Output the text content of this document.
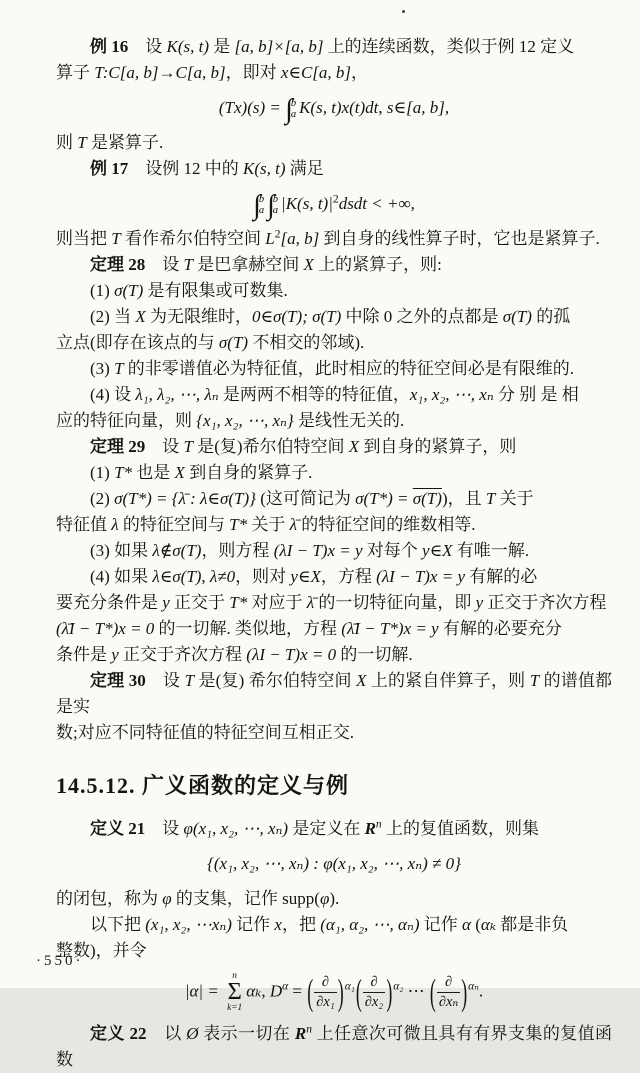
例 16　设 K(s, t) 是 [a, b]×[a, b] 上的连续函数，类似于例 12 定义
算子 T:C[a, b]→C[a, b]，即对 x∈C[a, b]，
(Tx)(s) = ∫ b
a K(s, t)x(t)dt, s∈[a, b],
则 T 是紧算子.
例 17　设例 12 中的 K(s, t) 满足
∫ b
a ∫ b
a |K(s, $t)|^2dsdt$ < +∞,
则当把 T 看作希尔伯特空间 $L^2[a$, b] 到自身的线性算子时，它也是紧算子.
定理 28　设 T 是巴拿赫空间 X 上的紧算子，则:
(1) σ(T) 是有限集或可数集.
(2) 当 X 为无限维时，0∈σ(T); σ(T) 中除 0 之外的点都是 σ(T) 的孤
立点(即存在该点的与 σ(T) 不相交的邻域).
(3) T 的非零谱值必为特征值，此时相应的特征空间必是有限维的.
(4) 设 λ₁, λ₂, ⋯, λₙ 是两两不相等的特征值，x₁, x₂, ⋯, xₙ 分 别 是 相
应的特征向量，则 {x₁, x₂, ⋯, xₙ} 是线性无关的.
定理 29　设 T 是(复)希尔伯特空间 X 到自身的紧算子，则
(1) T* 也是 X 到自身的紧算子.
(2) σ(T*) = {λ̄ : λ∈σ(T)} (这可简记为 σ(T*) = σ(T))，且 T 关于
特征值 λ 的特征空间与 T* 关于 λ̄ 的特征空间的维数相等.
(3) 如果 λ∉σ(T)，则方程 (λI − T)x = y 对每个 y∈X 有唯一解.
(4) 如果 λ∈σ(T), λ≠0，则对 y∈X，方程 (λI − T)x = y 有解的必
要充分条件是 y 正交于 T* 对应于 λ̄ 的一切特征向量，即 y 正交于齐次方程
(λ̄I − T*)x = 0 的一切解. 类似地，方程 (λ̄I − T*)x = y 有解的必要充分
条件是 y 正交于齐次方程 (λI − T)x = 0 的一切解.
定理 30　设 T 是(复) 希尔伯特空间 X 上的紧自伴算子，则 T 的谱值都是实
数;对应不同特征值的特征空间互相正交.
14.5.12. 广义函数的定义与例
定义 21　设 φ(x₁, x₂, ⋯, xₙ) 是定义在 $R^n$ 上的复值函数，则集
{(x₁, x₂, ⋯, xₙ) : φ(x₁, x₂, ⋯, xₙ) ≠ 0}
的闭包，称为 φ 的支集，记作 supp(φ).
以下把 (x₁, x₂, ⋯xₙ) 记作 x，把 (α₁, α₂, ⋯, αₙ) 记作 α (αₖ 都是非负
整数)，并令
|α| =
n
Σ
k=1
αₖ, $D^\alpha$ = ( $\frac{\partial}{\text{∂x₁}} )^{\alpha_1}( \frac{\partial}{\text{∂x₂}} )^{\alpha_2}$ ⋯ ( $\frac{\partial}{\text{∂xₙ}} )^{\alpha_n}$.
定义 22　以 Ø 表示一切在 $R^n$ 上任意次可微且具有有界支集的复值函数
·550·
